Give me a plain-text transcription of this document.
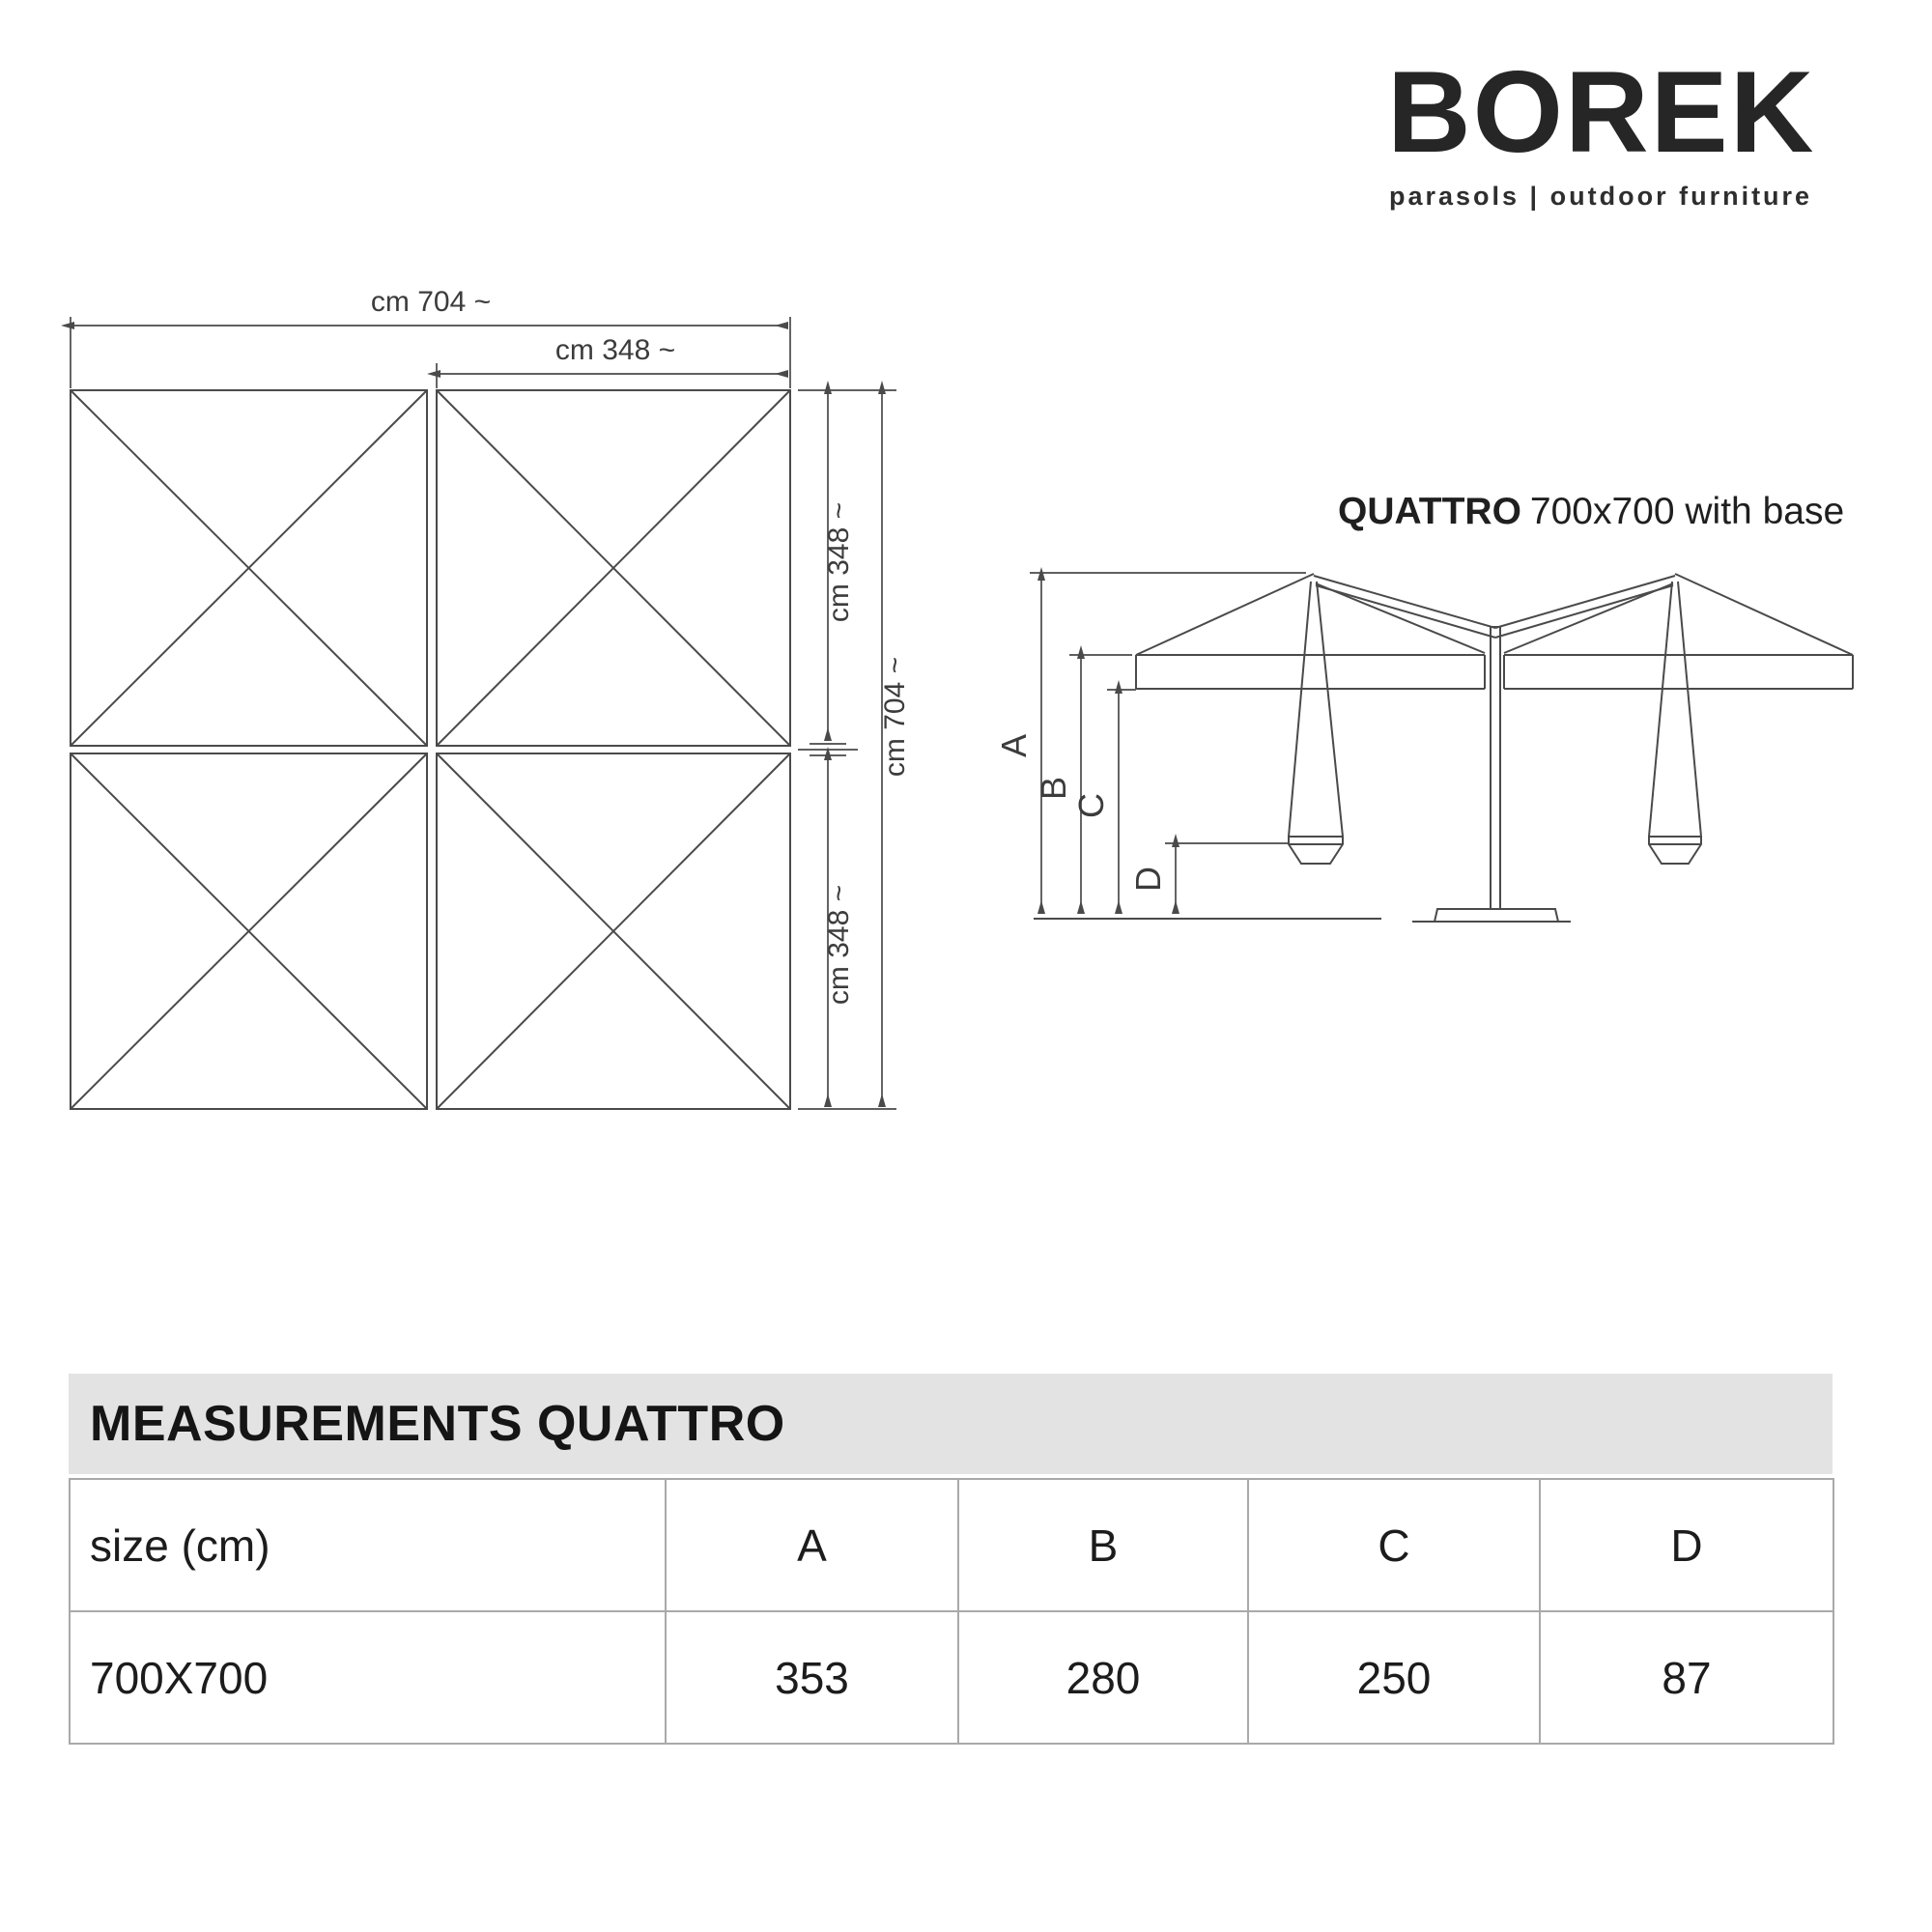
cm 704 ~
cm 348 ~
cm 348 ~
cm 348 ~
cm 704 ~ A
B
C
D
BOREK
parasols | outdoor furniture
QUATTRO 700x700 with base
MEASUREMENTS QUATTRO
size (cm)	A	B	C	D
700X700	353	280	250	87
